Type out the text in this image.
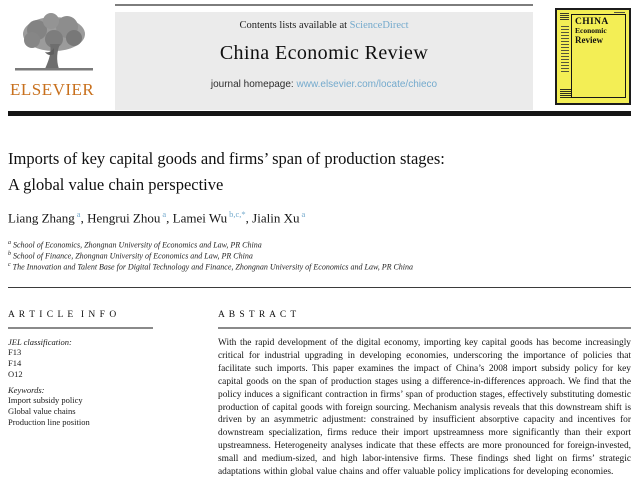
ELSEVIER
Contents lists available at ScienceDirect
China Economic Review
journal homepage: www.elsevier.com/locate/chieco
CHINA
Economic
Review
Imports of key capital goods and firms’ span of production stages:
A global value chain perspective
Liang Zhang $^a$, Hengrui Zhou $^a$, Lamei Wu $^{b,c,*}$, Jialin Xu $^a$
$^a$ School of Economics, Zhongnan University of Economics and Law, PR China
$^b$ School of Finance, Zhongnan University of Economics and Law, PR China
$^c$ The Innovation and Talent Base for Digital Technology and Finance, Zhongnan University of Economics and Law, PR China
A R T I C L E  I N F O
JEL classification:
F13
F14
O12
Keywords:
Import subsidy policy
Global value chains
Production line position
A B S T R A C T
With the rapid development of the digital economy, importing key capital goods has become increasingly critical for industrial upgrading in developing economies, underscoring the importance of policies that facilitate such imports. This paper examines the impact of China’s 2008 import subsidy policy for key capital goods on the span of production stages using a difference-in-differences approach. We find that the policy induces a significant contraction in firms’ span of production stages, effectively substituting domestic production of capital goods with foreign sourcing. Mechanism analysis reveals that this downstream shift is driven by an asymmetric adjustment: constrained by insufficient absorptive capacity and incentives for downstream specialization, firms reduce their import upstreamness more significantly than their export upstreamness. Heterogeneity analyses indicate that these effects are more pronounced for foreign-invested, small and medium-sized, and high labor-intensive firms. These findings shed light on firms’ strategic adaptations within global value chains and offer valuable policy implications for developing economies.
